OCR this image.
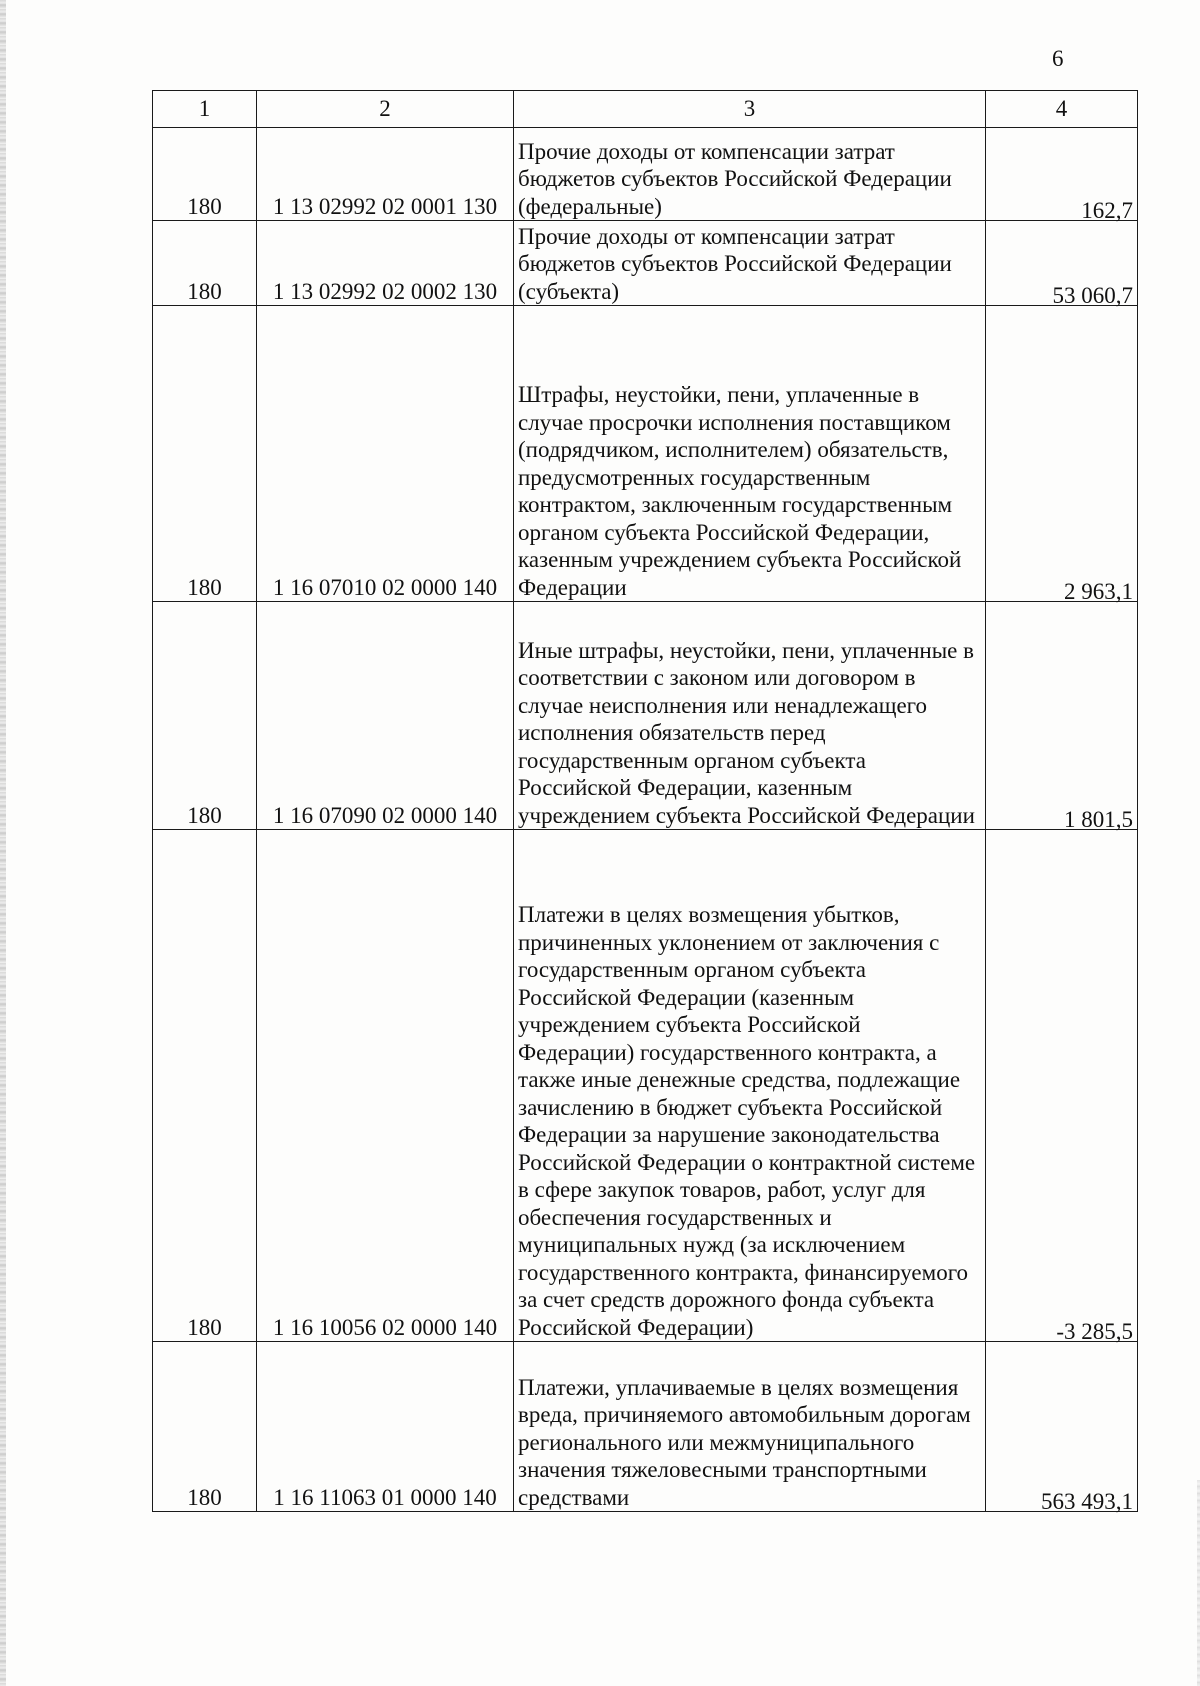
6
1	2	3	4
180	1 13 02992 02 0001 130	Прочие доходы от компенсации затрат бюджетов субъектов Российской Федерации (федеральные)	162,7
180	1 13 02992 02 0002 130	Прочие доходы от компенсации затрат бюджетов субъектов Российской Федерации (субъекта)	53 060,7
180	1 16 07010 02 0000 140	Штрафы, неустойки, пени, уплаченные в случае просрочки исполнения поставщиком (подрядчиком, исполнителем) обязательств, предусмотренных государственным контрактом, заключенным государственным органом субъекта Российской Федерации, казенным учреждением субъекта Российской Федерации	2 963,1
180	1 16 07090 02 0000 140	Иные штрафы, неустойки, пени, уплаченные в соответствии с законом или договором в случае неисполнения или ненадлежащего исполнения обязательств перед государственным органом субъекта Российской Федерации, казенным учреждением субъекта Российской Федерации	1 801,5
180	1 16 10056 02 0000 140	Платежи в целях возмещения убытков, причиненных уклонением от заключения с государственным органом субъекта Российской Федерации (казенным учреждением субъекта Российской Федерации) государственного контракта, а также иные денежные средства, подлежащие зачислению в бюджет субъекта Российской Федерации за нарушение законодательства Российской Федерации о контрактной системе в сфере закупок товаров, работ, услуг для обеспечения государственных и муниципальных нужд (за исключением государственного контракта, финансируемого за счет средств дорожного фонда субъекта Российской Федерации)	-3 285,5
180	1 16 11063 01 0000 140	Платежи, уплачиваемые в целях возмещения вреда, причиняемого автомобильным дорогам регионального или межмуниципального значения тяжеловесными транспортными средствами	563 493,1
